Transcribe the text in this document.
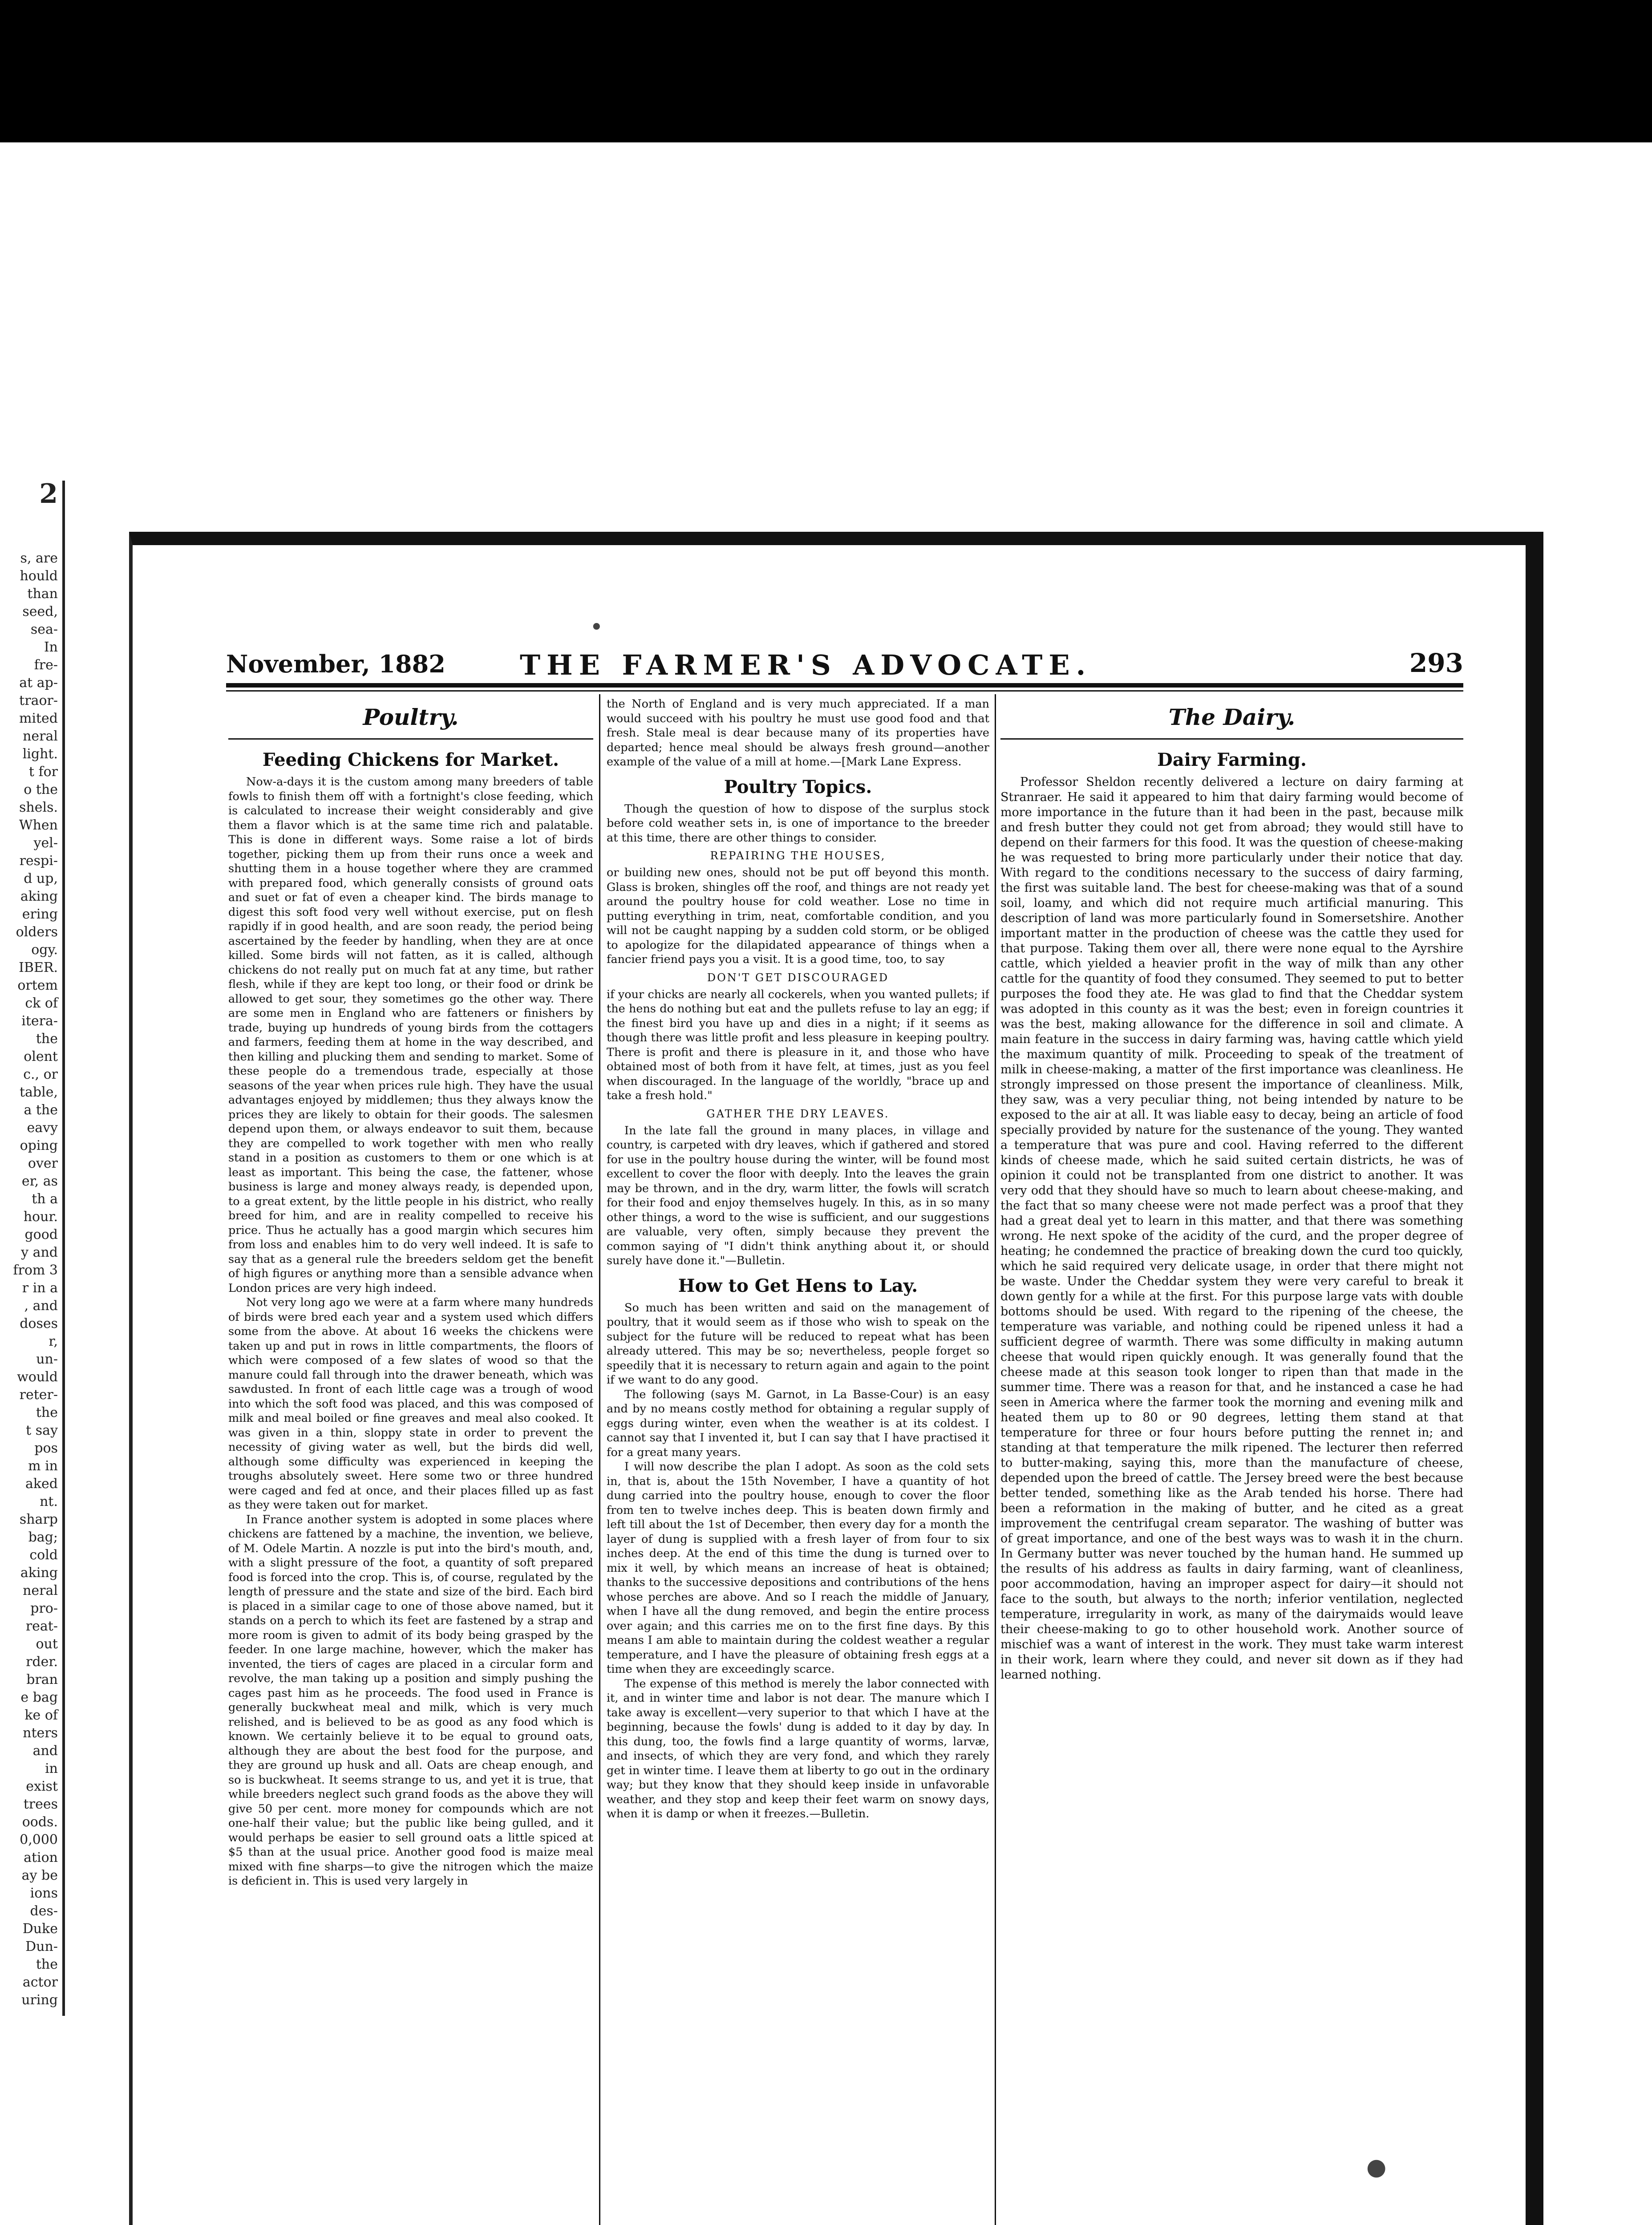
2
s, are
hould
than
seed,
sea-
In
fre-
at ap-
traor-
mited
neral
light.
t for
o the
shels.
When
yel-
respi-
d up,
aking
ering
olders
ogy.
IBER.
ortem
ck of
itera-
the
olent
c., or
table,
a the
eavy
oping
over
er, as
th a
hour.
good
y and
from 3
r in a
, and
doses
r,
un-
would
reter-
the
t say
pos
m in
aked
nt.
sharp
bag;
cold
aking
neral
pro-
reat-
out
rder.
bran
e bag
ke of
nters
and
in
exist
trees
oods.
0,000
ation
ay be
ions
des-
Duke
Dun-
the
actor
uring
November, 1882	THE FARMER'S ADVOCATE.	293
Poultry.
Feeding Chickens for Market.

Now-a-days it is the custom among many breeders of table fowls to finish them off with a fortnight's close feeding, which is calculated to increase their weight considerably and give them a flavor which is at the same time rich and palatable. This is done in different ways. Some raise a lot of birds together, picking them up from their runs once a week and shutting them in a house together where they are crammed with prepared food, which generally consists of ground oats and suet or fat of even a cheaper kind. The birds manage to digest this soft food very well without exercise, put on flesh rapidly if in good health, and are soon ready, the period being ascertained by the feeder by handling, when they are at once killed. Some birds will not fatten, as it is called, although chickens do not really put on much fat at any time, but rather flesh, while if they are kept too long, or their food or drink be allowed to get sour, they sometimes go the other way. There are some men in England who are fatteners or finishers by trade, buying up hundreds of young birds from the cottagers and farmers, feeding them at home in the way described, and then killing and plucking them and sending to market. Some of these people do a tremendous trade, especially at those seasons of the year when prices rule high. They have the usual advantages enjoyed by middlemen; thus they always know the prices they are likely to obtain for their goods. The salesmen depend upon them, or always endeavor to suit them, because they are compelled to work together with men who really stand in a position as customers to them or one which is at least as important. This being the case, the fattener, whose business is large and money always ready, is depended upon, to a great extent, by the little people in his district, who really breed for him, and are in reality compelled to receive his price. Thus he actually has a good margin which secures him from loss and enables him to do very well indeed. It is safe to say that as a general rule the breeders seldom get the benefit of high figures or anything more than a sensible advance when London prices are very high indeed.

Not very long ago we were at a farm where many hundreds of birds were bred each year and a system used which differs some from the above. At about 16 weeks the chickens were taken up and put in rows in little compartments, the floors of which were composed of a few slates of wood so that the manure could fall through into the drawer beneath, which was sawdusted. In front of each little cage was a trough of wood into which the soft food was placed, and this was composed of milk and meal boiled or fine greaves and meal also cooked. It was given in a thin, sloppy state in order to prevent the necessity of giving water as well, but the birds did well, although some difficulty was experienced in keeping the troughs absolutely sweet. Here some two or three hundred were caged and fed at once, and their places filled up as fast as they were taken out for market.

In France another system is adopted in some places where chickens are fattened by a machine, the invention, we believe, of M. Odele Martin. A nozzle is put into the bird's mouth, and, with a slight pressure of the foot, a quantity of soft prepared food is forced into the crop. This is, of course, regulated by the length of pressure and the state and size of the bird. Each bird is placed in a similar cage to one of those above named, but it stands on a perch to which its feet are fastened by a strap and more room is given to admit of its body being grasped by the feeder. In one large machine, however, which the maker has invented, the tiers of cages are placed in a circular form and revolve, the man taking up a position and simply pushing the cages past him as he proceeds. The food used in France is generally buckwheat meal and milk, which is very much relished, and is believed to be as good as any food which is known. We certainly believe it to be equal to ground oats, although they are about the best food for the purpose, and they are ground up husk and all. Oats are cheap enough, and so is buckwheat. It seems strange to us, and yet it is true, that while breeders neglect such grand foods as the above they will give 50 per cent. more money for compounds which are not one-half their value; but the public like being gulled, and it would perhaps be easier to sell ground oats a little spiced at $5 than at the usual price. Another good food is maize meal mixed with fine sharps—to give the nitrogen which the maize is deficient in. This is used very largely in

the North of England and is very much appreciated. If a man would succeed with his poultry he must use good food and that fresh. Stale meal is dear because many of its properties have departed; hence meal should be always fresh ground—another example of the value of a mill at home.—[Mark Lane Express.

Poultry Topics.

Though the question of how to dispose of the surplus stock before cold weather sets in, is one of importance to the breeder at this time, there are other things to consider.

REPAIRING THE HOUSES,

or building new ones, should not be put off beyond this month. Glass is broken, shingles off the roof, and things are not ready yet around the poultry house for cold weather. Lose no time in putting everything in trim, neat, comfortable condition, and you will not be caught napping by a sudden cold storm, or be obliged to apologize for the dilapidated appearance of things when a fancier friend pays you a visit. It is a good time, too, to say

DON'T GET DISCOURAGED

if your chicks are nearly all cockerels, when you wanted pullets; if the hens do nothing but eat and the pullets refuse to lay an egg; if the finest bird you have up and dies in a night; if it seems as though there was little profit and less pleasure in keeping poultry. There is profit and there is pleasure in it, and those who have obtained most of both from it have felt, at times, just as you feel when discouraged. In the language of the worldly, "brace up and take a fresh hold."

GATHER THE DRY LEAVES.

In the late fall the ground in many places, in village and country, is carpeted with dry leaves, which if gathered and stored for use in the poultry house during the winter, will be found most excellent to cover the floor with deeply. Into the leaves the grain may be thrown, and in the dry, warm litter, the fowls will scratch for their food and enjoy themselves hugely. In this, as in so many other things, a word to the wise is sufficient, and our suggestions are valuable, very often, simply because they prevent the common saying of "I didn't think anything about it, or should surely have done it."—Bulletin.

How to Get Hens to Lay.

So much has been written and said on the management of poultry, that it would seem as if those who wish to speak on the subject for the future will be reduced to repeat what has been already uttered. This may be so; nevertheless, people forget so speedily that it is necessary to return again and again to the point if we want to do any good.

The following (says M. Garnot, in La Basse-Cour) is an easy and by no means costly method for obtaining a regular supply of eggs during winter, even when the weather is at its coldest. I cannot say that I invented it, but I can say that I have practised it for a great many years.

I will now describe the plan I adopt. As soon as the cold sets in, that is, about the 15th November, I have a quantity of hot dung carried into the poultry house, enough to cover the floor from ten to twelve inches deep. This is beaten down firmly and left till about the 1st of December, then every day for a month the layer of dung is supplied with a fresh layer of from four to six inches deep. At the end of this time the dung is turned over to mix it well, by which means an increase of heat is obtained; thanks to the successive depositions and contributions of the hens whose perches are above. And so I reach the middle of January, when I have all the dung removed, and begin the entire process over again; and this carries me on to the first fine days. By this means I am able to maintain during the coldest weather a regular temperature, and I have the pleasure of obtaining fresh eggs at a time when they are exceedingly scarce.

The expense of this method is merely the labor connected with it, and in winter time and labor is not dear. The manure which I take away is excellent—very superior to that which I have at the beginning, because the fowls' dung is added to it day by day. In this dung, too, the fowls find a large quantity of worms, larvæ, and insects, of which they are very fond, and which they rarely get in winter time. I leave them at liberty to go out in the ordinary way; but they know that they should keep inside in unfavorable weather, and they stop and keep their feet warm on snowy days, when it is damp or when it freezes.—Bulletin.

The Dairy.
Dairy Farming.

Professor Sheldon recently delivered a lecture on dairy farming at Stranraer. He said it appeared to him that dairy farming would become of more importance in the future than it had been in the past, because milk and fresh butter they could not get from abroad; they would still have to depend on their farmers for this food. It was the question of cheese-making he was requested to bring more particularly under their notice that day. With regard to the conditions necessary to the success of dairy farming, the first was suitable land. The best for cheese-making was that of a sound soil, loamy, and which did not require much artificial manuring. This description of land was more particularly found in Somersetshire. Another important matter in the production of cheese was the cattle they used for that purpose. Taking them over all, there were none equal to the Ayrshire cattle, which yielded a heavier profit in the way of milk than any other cattle for the quantity of food they consumed. They seemed to put to better purposes the food they ate. He was glad to find that the Cheddar system was adopted in this county as it was the best; even in foreign countries it was the best, making allowance for the difference in soil and climate. A main feature in the success in dairy farming was, having cattle which yield the maximum quantity of milk. Proceeding to speak of the treatment of milk in cheese-making, a matter of the first importance was cleanliness. He strongly impressed on those present the importance of cleanliness. Milk, they saw, was a very peculiar thing, not being intended by nature to be exposed to the air at all. It was liable easy to decay, being an article of food specially provided by nature for the sustenance of the young. They wanted a temperature that was pure and cool. Having referred to the different kinds of cheese made, which he said suited certain districts, he was of opinion it could not be transplanted from one district to another. It was very odd that they should have so much to learn about cheese-making, and the fact that so many cheese were not made perfect was a proof that they had a great deal yet to learn in this matter, and that there was something wrong. He next spoke of the acidity of the curd, and the proper degree of heating; he condemned the practice of breaking down the curd too quickly, which he said required very delicate usage, in order that there might not be waste. Under the Cheddar system they were very careful to break it down gently for a while at the first. For this purpose large vats with double bottoms should be used. With regard to the ripening of the cheese, the temperature was variable, and nothing could be ripened unless it had a sufficient degree of warmth. There was some difficulty in making autumn cheese that would ripen quickly enough. It was generally found that the cheese made at this season took longer to ripen than that made in the summer time. There was a reason for that, and he instanced a case he had seen in America where the farmer took the morning and evening milk and heated them up to 80 or 90 degrees, letting them stand at that temperature for three or four hours before putting the rennet in; and standing at that temperature the milk ripened. The lecturer then referred to butter-making, saying this, more than the manufacture of cheese, depended upon the breed of cattle. The Jersey breed were the best because better tended, something like as the Arab tended his horse. There had been a reformation in the making of butter, and he cited as a great improvement the centrifugal cream separator. The washing of butter was of great importance, and one of the best ways was to wash it in the churn. In Germany butter was never touched by the human hand. He summed up the results of his address as faults in dairy farming, want of cleanliness, poor accommodation, having an improper aspect for dairy—it should not face to the south, but always to the north; inferior ventilation, neglected temperature, irregularity in work, as many of the dairymaids would leave their cheese-making to go to other household work. Another source of mischief was a want of interest in the work. They must take warm interest in their work, learn where they could, and never sit down as if they had learned nothing.

•
●
